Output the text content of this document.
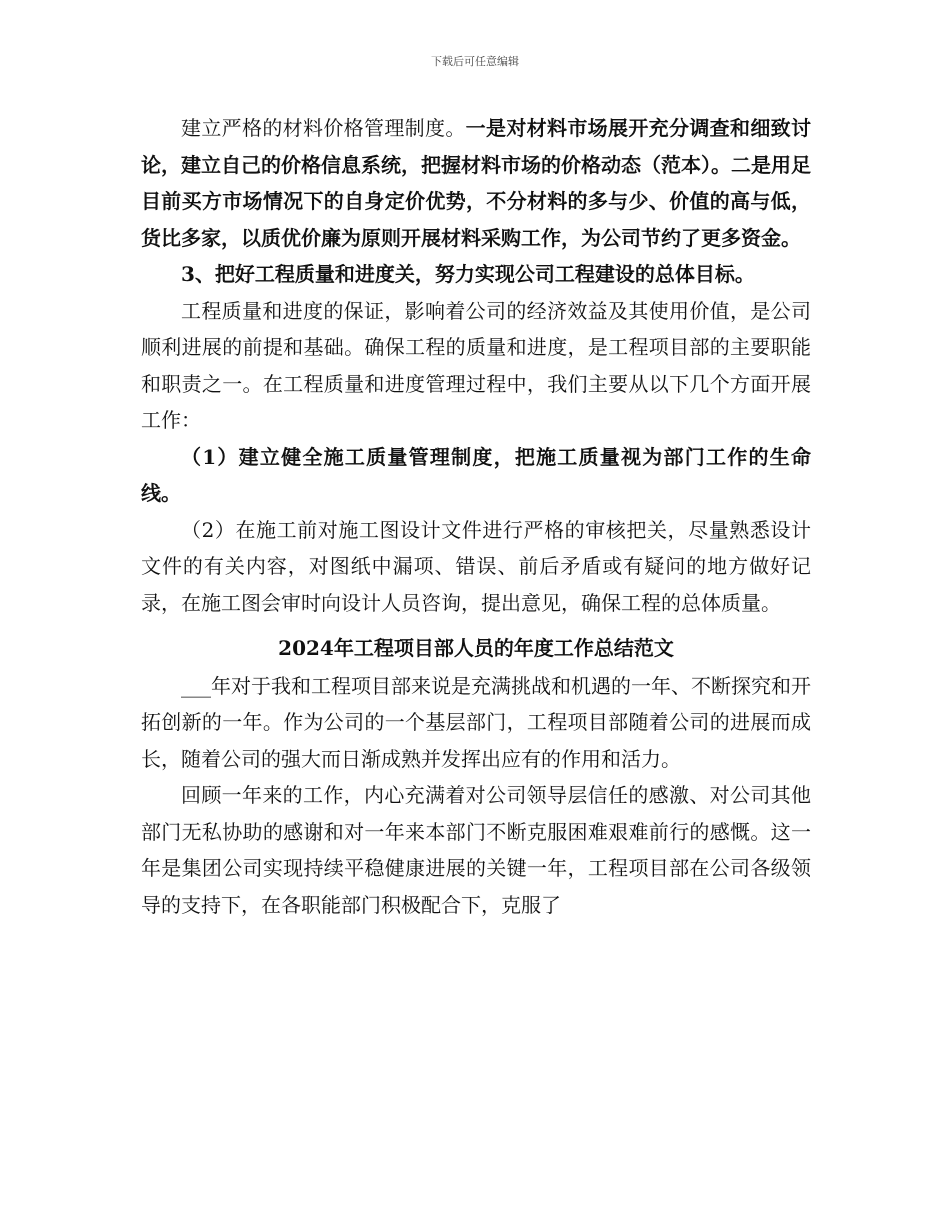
下载后可任意编辑

建立严格的材料价格管理制度。一是对材料市场展开充分调查和细致讨论，建立自己的价格信息系统，把握材料市场的价格动态（范本）。二是用足目前买方市场情况下的自身定价优势，不分材料的多与少、价值的高与低，货比多家，以质优价廉为原则开展材料采购工作，为公司节约了更多资金。

3、把好工程质量和进度关，努力实现公司工程建设的总体目标。

工程质量和进度的保证，影响着公司的经济效益及其使用价值，是公司顺利进展的前提和基础。确保工程的质量和进度，是工程项目部的主要职能和职责之一。在工程质量和进度管理过程中，我们主要从以下几个方面开展工作：

（1）建立健全施工质量管理制度，把施工质量视为部门工作的生命线。

（2）在施工前对施工图设计文件进行严格的审核把关，尽量熟悉设计文件的有关内容，对图纸中漏项、错误、前后矛盾或有疑问的地方做好记录，在施工图会审时向设计人员咨询，提出意见，确保工程的总体质量。

2024年工程项目部人员的年度工作总结范文

___年对于我和工程项目部来说是充满挑战和机遇的一年、不断探究和开拓创新的一年。作为公司的一个基层部门，工程项目部随着公司的进展而成长，随着公司的强大而日渐成熟并发挥出应有的作用和活力。

回顾一年来的工作，内心充满着对公司领导层信任的感激、对公司其他部门无私协助的感谢和对一年来本部门不断克服困难艰难前行的感慨。这一年是集团公司实现持续平稳健康进展的关键一年，工程项目部在公司各级领导的支持下，在各职能部门积极配合下，克服了
